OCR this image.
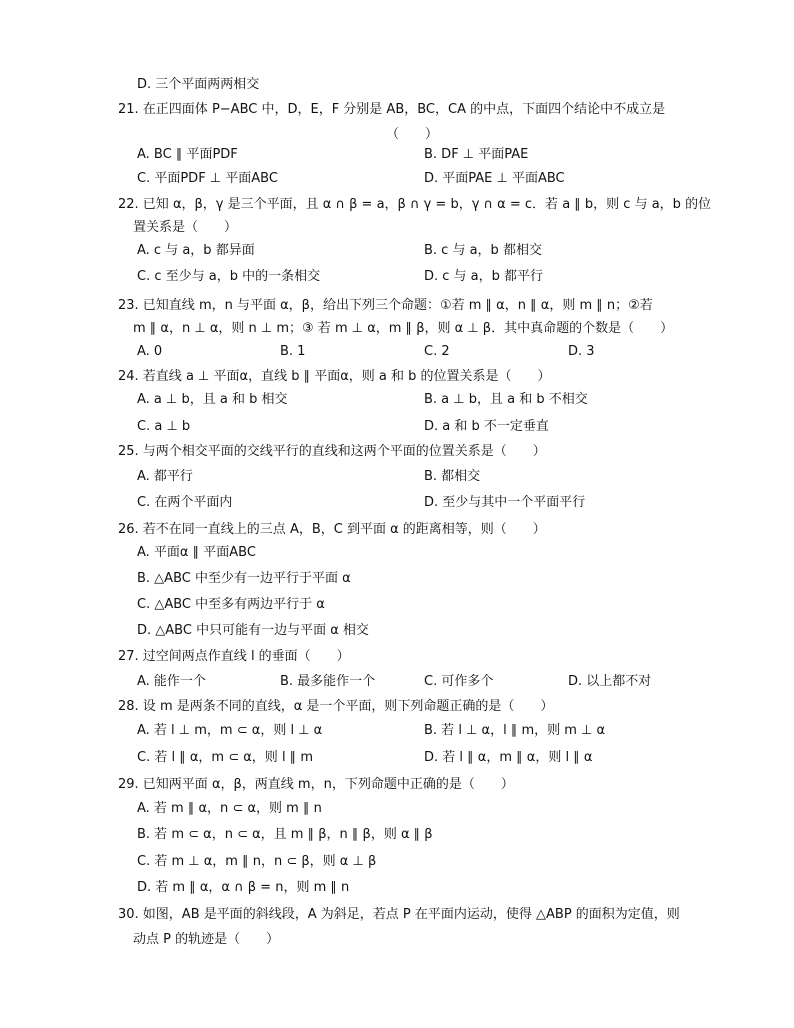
D. 三个平面两两相交
21. 在正四面体 P−ABC 中，D，E，F 分别是 AB，BC，CA 的中点，下面四个结论中不成立是
（　　）
A. BC ∥ 平面PDF	B. DF ⊥ 平面PAE
C. 平面PDF ⊥ 平面ABC	D. 平面PAE ⊥ 平面ABC
22. 已知 α，β，γ 是三个平面，且 α ∩ β = a，β ∩ γ = b，γ ∩ α = c．若 a ∥ b，则 c 与 a，b 的位
置关系是（　　）
A. c 与 a，b 都异面	B. c 与 a，b 都相交
C. c 至少与 a，b 中的一条相交	D. c 与 a，b 都平行
23. 已知直线 m，n 与平面 α，β，给出下列三个命题：①若 m ∥ α，n ∥ α，则 m ∥ n；②若
m ∥ α，n ⊥ α，则 n ⊥ m；③ 若 m ⊥ α，m ∥ β，则 α ⊥ β．其中真命题的个数是（　　）
A. 0	B. 1	C. 2	D. 3
24. 若直线 a ⊥ 平面α，直线 b ∥ 平面α，则 a 和 b 的位置关系是（　　）
A. a ⊥ b，且 a 和 b 相交	B. a ⊥ b，且 a 和 b 不相交
C. a ⊥ b	D. a 和 b 不一定垂直
25. 与两个相交平面的交线平行的直线和这两个平面的位置关系是（　　）
A. 都平行	B. 都相交
C. 在两个平面内	D. 至少与其中一个平面平行
26. 若不在同一直线上的三点 A，B，C 到平面 α 的距离相等，则（　　）
A. 平面α ∥ 平面ABC
B. △ABC 中至少有一边平行于平面 α
C. △ABC 中至多有两边平行于 α
D. △ABC 中只可能有一边与平面 α 相交
27. 过空间两点作直线 l 的垂面（　　）
A. 能作一个	B. 最多能作一个	C. 可作多个	D. 以上都不对
28. 设 m 是两条不同的直线，α 是一个平面，则下列命题正确的是（　　）
A. 若 l ⊥ m，m ⊂ α，则 l ⊥ α	B. 若 l ⊥ α，l ∥ m，则 m ⊥ α
C. 若 l ∥ α，m ⊂ α，则 l ∥ m	D. 若 l ∥ α，m ∥ α，则 l ∥ α
29. 已知两平面 α，β，两直线 m，n，下列命题中正确的是（　　）
A. 若 m ∥ α，n ⊂ α，则 m ∥ n
B. 若 m ⊂ α，n ⊂ α，且 m ∥ β，n ∥ β，则 α ∥ β
C. 若 m ⊥ α，m ∥ n，n ⊂ β，则 α ⊥ β
D. 若 m ∥ α，α ∩ β = n，则 m ∥ n
30. 如图，AB 是平面的斜线段，A 为斜足，若点 P 在平面内运动，使得 △ABP 的面积为定值，则
动点 P 的轨迹是（　　）
